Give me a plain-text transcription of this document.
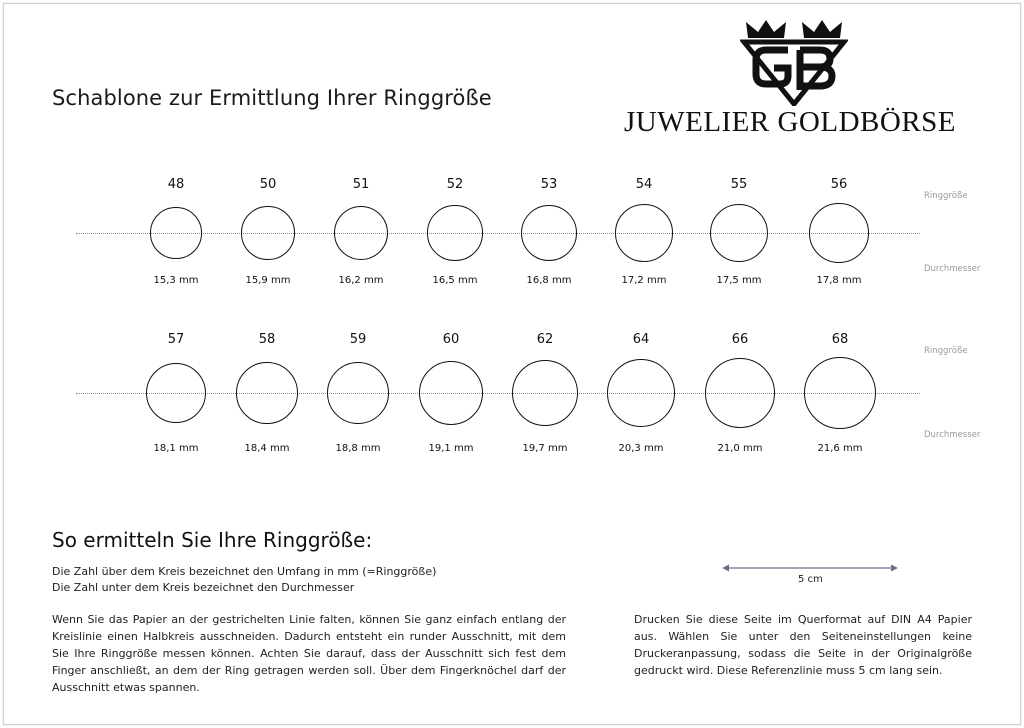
Schablone zur Ermittlung Ihrer Ringgröße
JUWELIER GOLDBÖRSE
Ringgröße
Durchmesser
48
15,3 mm
50
15,9 mm
51
16,2 mm
52
16,5 mm
53
16,8 mm
54
17,2 mm
55
17,5 mm
56
17,8 mm
Ringgröße
Durchmesser
57
18,1 mm
58
18,4 mm
59
18,8 mm
60
19,1 mm
62
19,7 mm
64
20,3 mm
66
21,0 mm
68
21,6 mm
So ermitteln Sie Ihre Ringgröße:
Die Zahl über dem Kreis bezeichnet den Umfang in mm (=Ringgröße)
Die Zahl unter dem Kreis bezeichnet den Durchmesser
Wenn Sie das Papier an der gestrichelten Linie falten, können Sie ganz einfach entlang der Kreislinie einen Halbkreis ausschneiden. Dadurch entsteht ein runder Ausschnitt, mit dem Sie Ihre Ringgröße messen können. Achten Sie darauf, dass der Ausschnitt sich fest dem Finger anschließt, an dem der Ring getragen werden soll. Über dem Fingerknöchel darf der Ausschnitt etwas spannen.
Drucken Sie diese Seite im Querformat auf DIN A4 Papier aus. Wählen Sie unter den Seiteneinstellungen keine Druckeranpassung, sodass die Seite in der Originalgröße gedruckt wird. Diese Referenzlinie muss 5 cm lang sein.
5 cm
